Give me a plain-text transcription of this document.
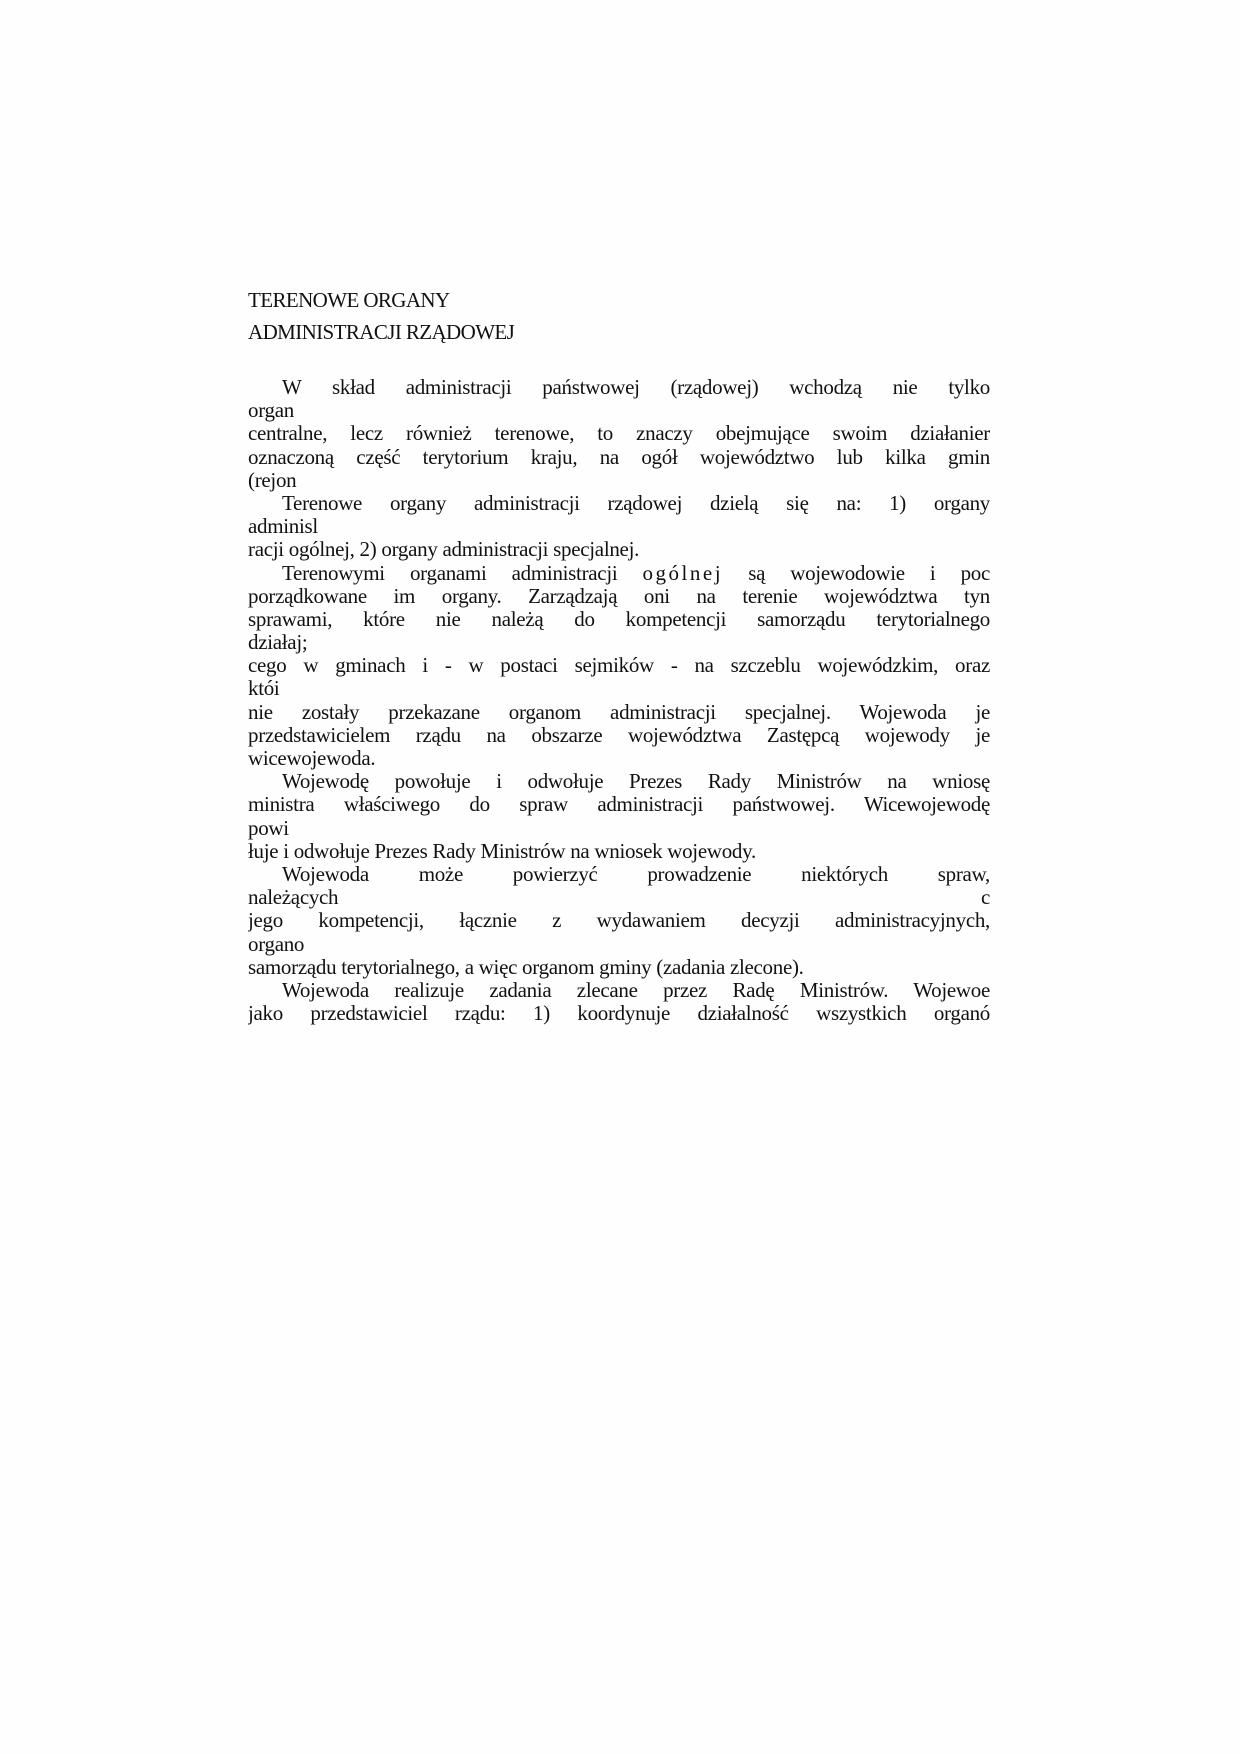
TERENOWE ORGANY
ADMINISTRACJI RZĄDOWEJ
W skład administracji państwowej (rządowej) wchodzą nie tylko
organ
centralne, lecz również terenowe, to znaczy obejmujące swoim działanier
oznaczoną część terytorium kraju, na ogół województwo lub kilka gmin
(rejon
Terenowe organy administracji rządowej dzielą się na: 1) organy
adminisl
racji ogólnej, 2) organy administracji specjalnej.
Terenowymi organami administracji ogólnej są wojewodowie i poc
porządkowane im organy. Zarządzają oni na terenie województwa tyn
sprawami, które nie należą do kompetencji samorządu terytorialnego
działaj;
cego w gminach i - w postaci sejmików - na szczeblu wojewódzkim, oraz
któi
nie zostały przekazane organom administracji specjalnej. Wojewoda je
przedstawicielem rządu na obszarze województwa Zastępcą wojewody je
wicewojewoda.
Wojewodę powołuje i odwołuje Prezes Rady Ministrów na wniosę
ministra właściwego do spraw administracji państwowej. Wicewojewodę
powi
łuje i odwołuje Prezes Rady Ministrów na wniosek wojewody.
Wojewoda może powierzyć prowadzenie niektórych spraw,
należących	c
jego kompetencji, łącznie z wydawaniem decyzji administracyjnych,
organo
samorządu terytorialnego, a więc organom gminy (zadania zlecone).
Wojewoda realizuje zadania zlecane przez Radę Ministrów. Wojewoe
jako przedstawiciel rządu: 1) koordynuje działalność wszystkich organó
